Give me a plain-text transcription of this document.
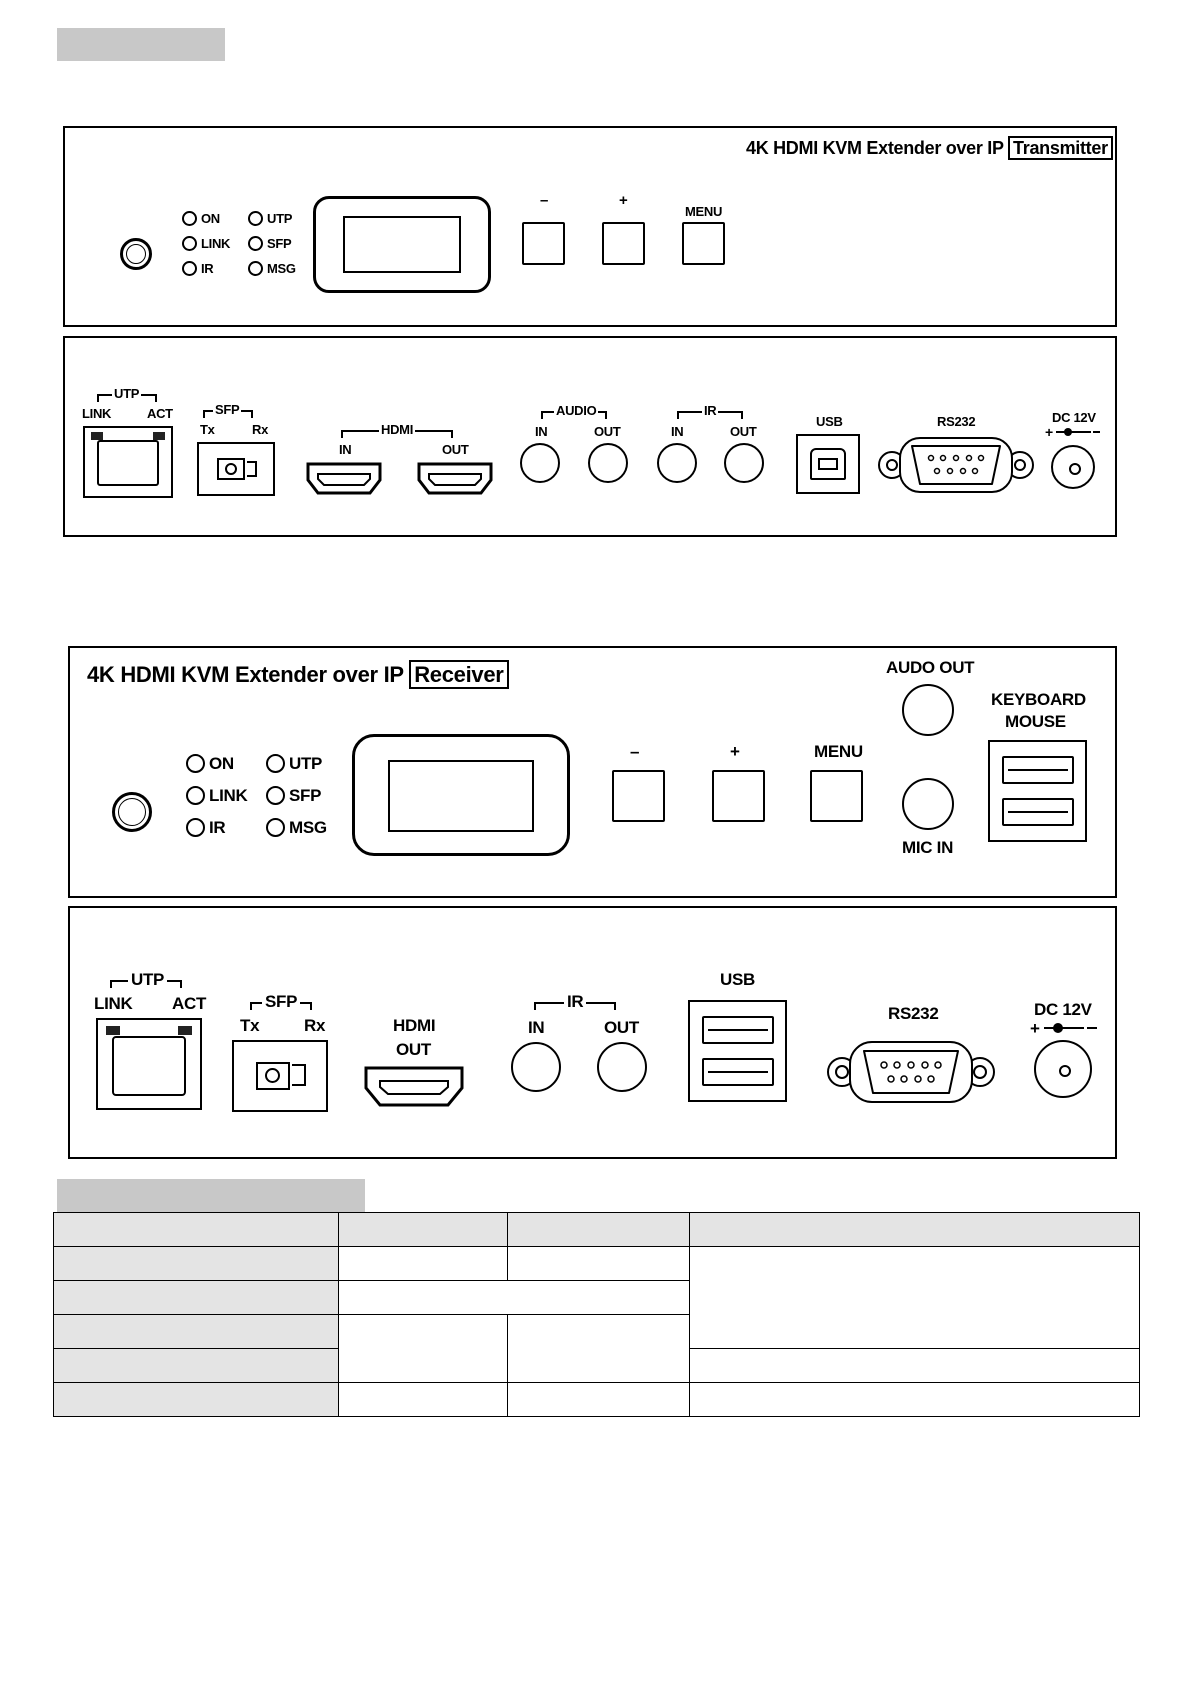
4K HDMI KVM Extender over IP Transmitter
ON
LINK
IR
UTP
SFP
MSG
–	+
MENU
UTP
LINK	ACT	SFP
Tx	Rx	HDMI
IN	OUT
AUDIO
IN	OUT
IR
IN	OUT
USB	RS232	DC 12V
+
4K HDMI KVM Extender over IP Receiver
ON
LINK
IR
UTP
SFP
MSG
–	+	MENU
AUDO OUT
MIC IN
KEYBOARD
MOUSE
UTP
LINK ACT	SFP
Tx	Rx	HDMI
OUT
IR
IN	OUT
USB
RS232	DC 12V
+
